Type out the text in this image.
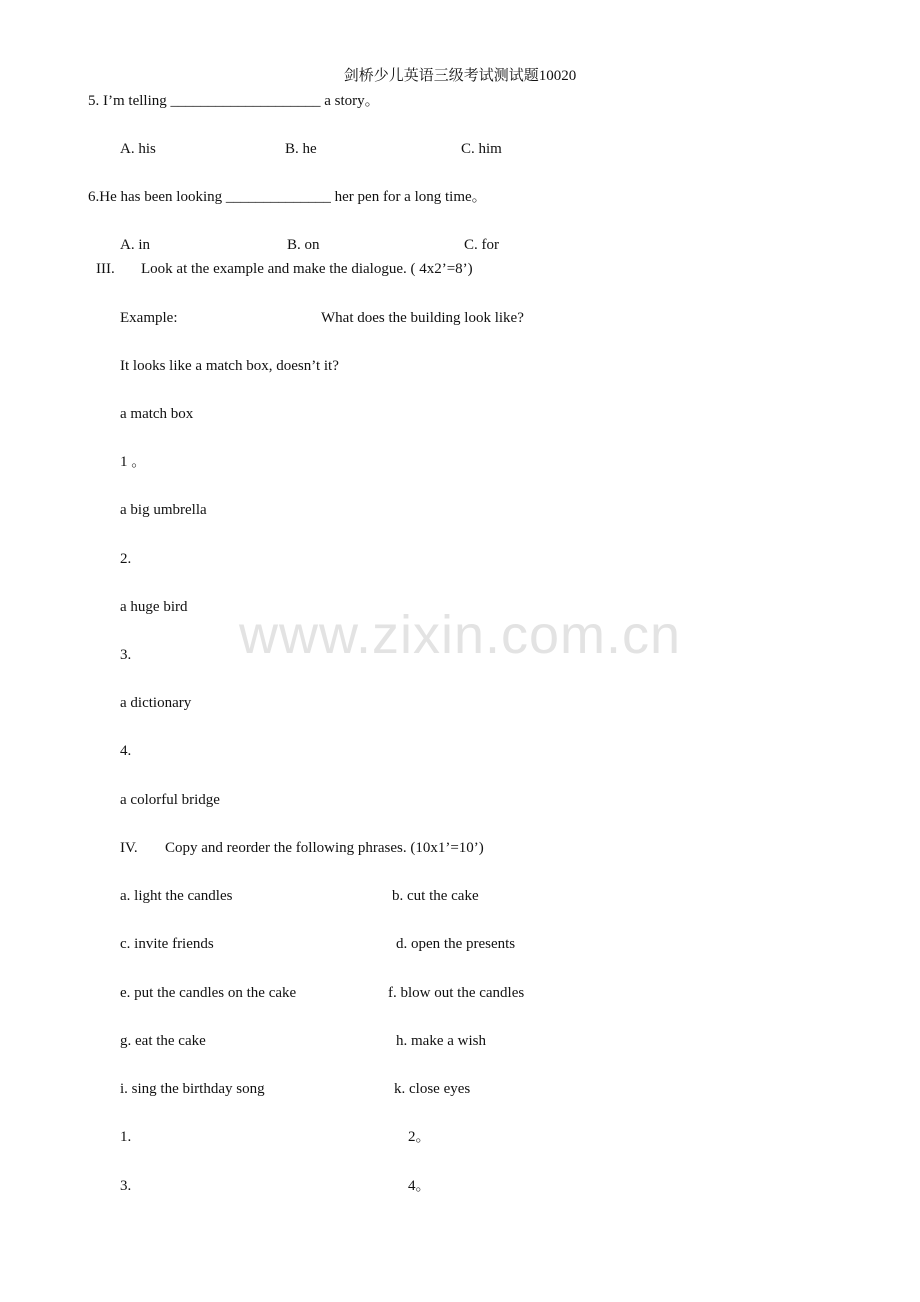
剑桥少儿英语三级考试测试题10020
www.zixin.com.cn
5. I’m telling ____________________ a story。
A. his	B. he	C. him
6.He has been looking ______________ her pen for a long time。
A. in	B. on	C. for
III. Look at the example and make the dialogue. ( 4x2’=8’)
Example:	What does the building look like?
It looks like a match box, doesn’t it?
a match box
1 。
a big umbrella
2.
a huge bird
3.
a dictionary
4.
a colorful bridge
IV. Copy and reorder the following phrases. (10x1’=10’)
a. light the candles	b. cut the cake
c. invite friends	d. open the presents
e. put the candles on the cake	f. blow out the candles
g. eat the cake	h. make a wish
i. sing the birthday song	k. close eyes
1.	2。
3.	4。
